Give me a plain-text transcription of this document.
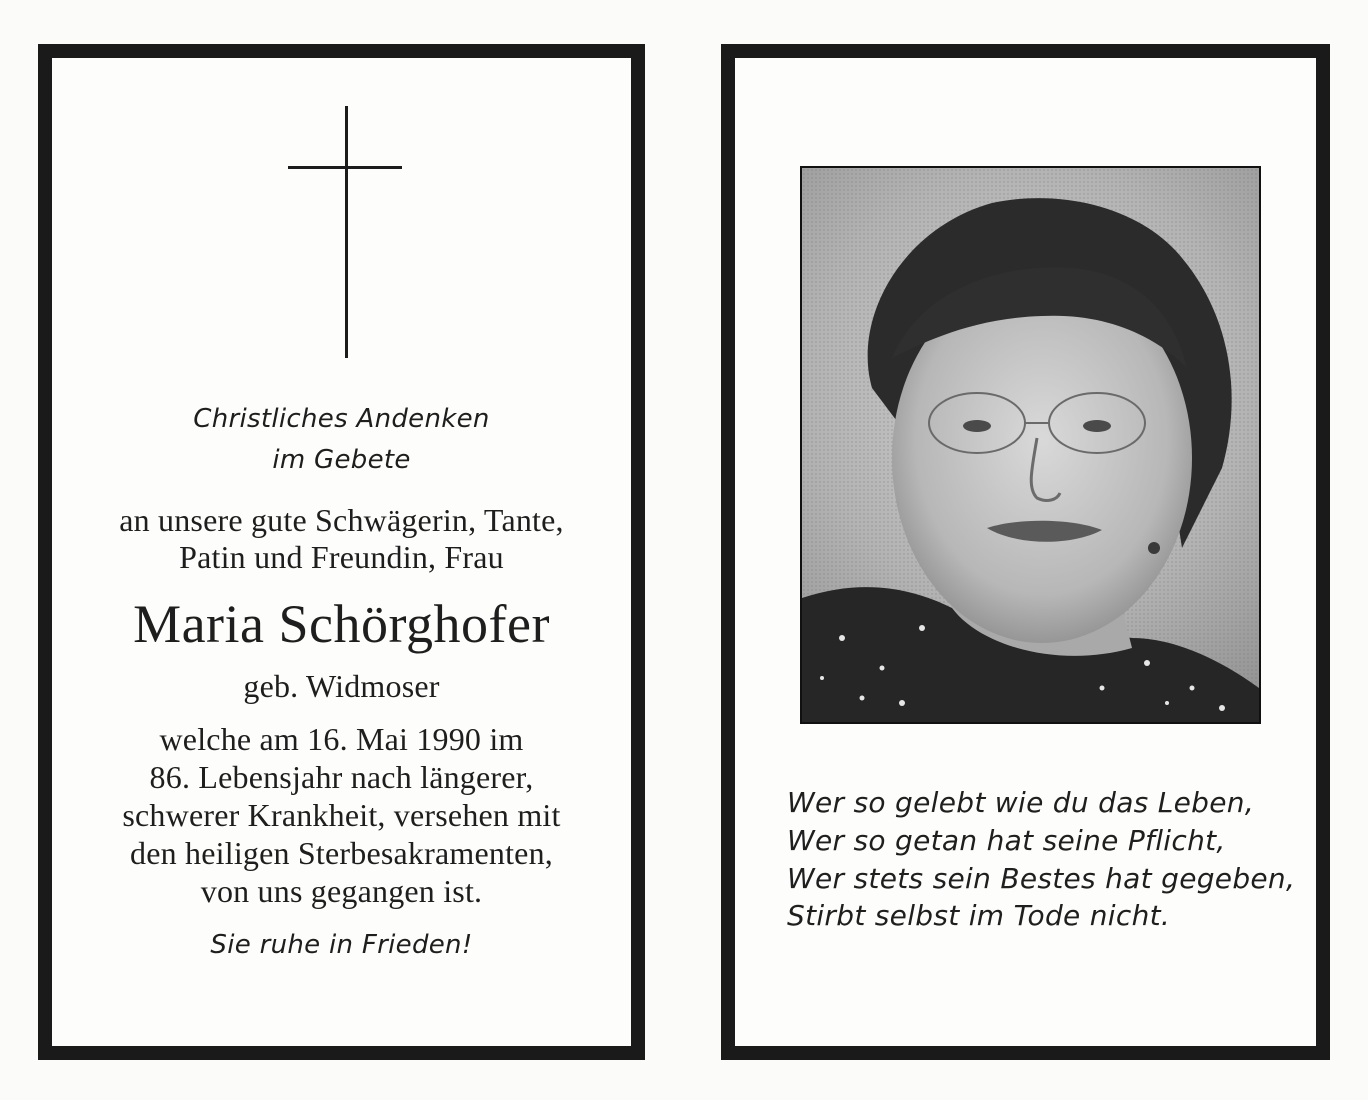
Christliches Andenken
im Gebete
an unsere gute Schwägerin, Tante,
Patin und Freundin, Frau
Maria Schörghofer
geb. Widmoser
welche am 16. Mai 1990 im
86. Lebensjahr nach längerer,
schwerer Krankheit, versehen mit
den heiligen Sterbesakramenten,
von uns gegangen ist.
Sie ruhe in Frieden!
Wer so gelebt wie du das Leben,
Wer so getan hat seine Pflicht,
Wer stets sein Bestes hat gegeben,
Stirbt selbst im Tode nicht.
